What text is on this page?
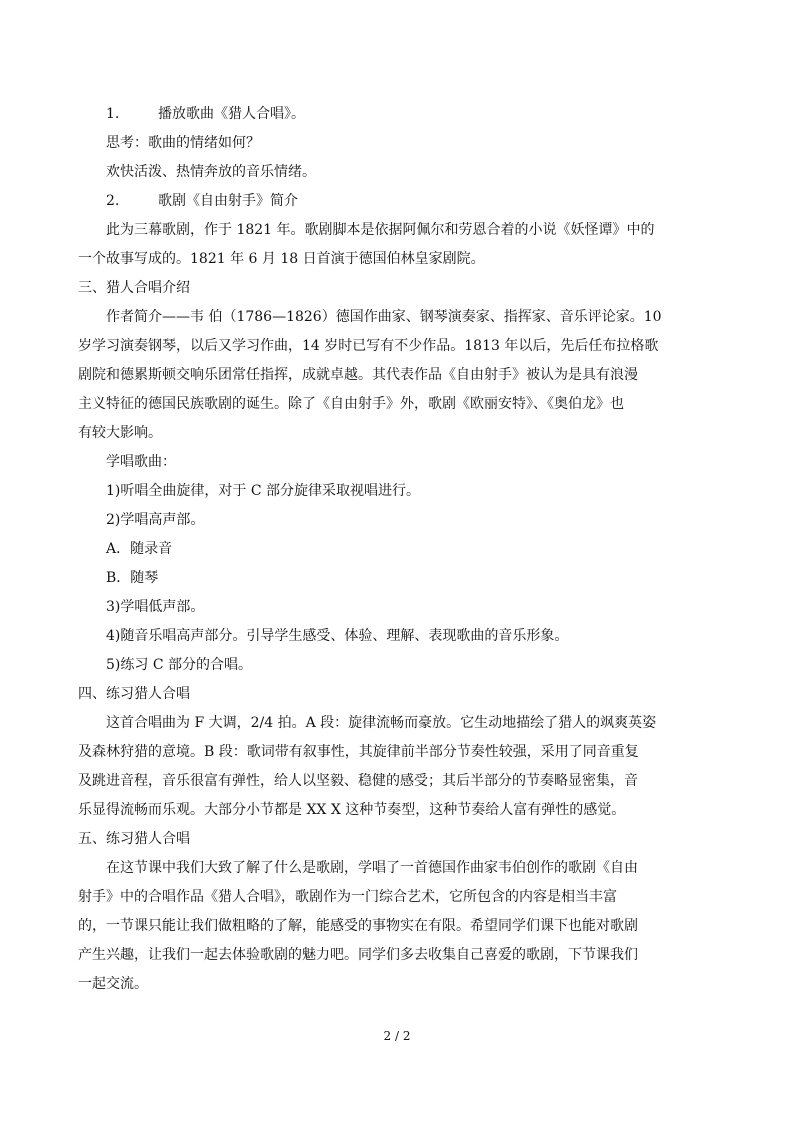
1.	播放歌曲《猎人合唱》。
思考：歌曲的情绪如何？
欢快活泼、热情奔放的音乐情绪。
2.	歌剧《自由射手》简介
此为三幕歌剧，作于 1821 年。歌剧脚本是依据阿佩尔和劳恩合着的小说《妖怪谭》中的
一个故事写成的。1821 年 6 月 18 日首演于德国伯林皇家剧院。
三、猎人合唱介绍
作者简介——韦 伯（1786—1826）德国作曲家、钢琴演奏家、指挥家、音乐评论家。10
岁学习演奏钢琴，以后又学习作曲，14 岁时已写有不少作品。1813 年以后，先后任布拉格歌
剧院和德累斯顿交响乐团常任指挥，成就卓越。其代表作品《自由射手》被认为是具有浪漫
主义特征的德国民族歌剧的诞生。除了《自由射手》外，歌剧《欧丽安特》、《奥伯龙》也
有较大影响。
学唱歌曲：
1)听唱全曲旋律，对于 C 部分旋律采取视唱进行。
2)学唱高声部。
A．随录音
B．随琴
3)学唱低声部。
4)随音乐唱高声部分。引导学生感受、体验、理解、表现歌曲的音乐形象。
5)练习 C 部分的合唱。
四、练习猎人合唱
这首合唱曲为 F 大调，2/4 拍。A 段：旋律流畅而豪放。它生动地描绘了猎人的飒爽英姿
及森林狩猎的意境。B 段：歌词带有叙事性，其旋律前半部分节奏性较强，采用了同音重复
及跳进音程，音乐很富有弹性，给人以坚毅、稳健的感受；其后半部分的节奏略显密集，音
乐显得流畅而乐观。大部分小节都是 XX X 这种节奏型，这种节奏给人富有弹性的感觉。
五、练习猎人合唱
在这节课中我们大致了解了什么是歌剧，学唱了一首德国作曲家韦伯创作的歌剧《自由
射手》中的合唱作品《猎人合唱》，歌剧作为一门综合艺术，它所包含的内容是相当丰富
的，一节课只能让我们做粗略的了解，能感受的事物实在有限。希望同学们课下也能对歌剧
产生兴趣，让我们一起去体验歌剧的魅力吧。同学们多去收集自己喜爱的歌剧，下节课我们
一起交流。
2 / 2
